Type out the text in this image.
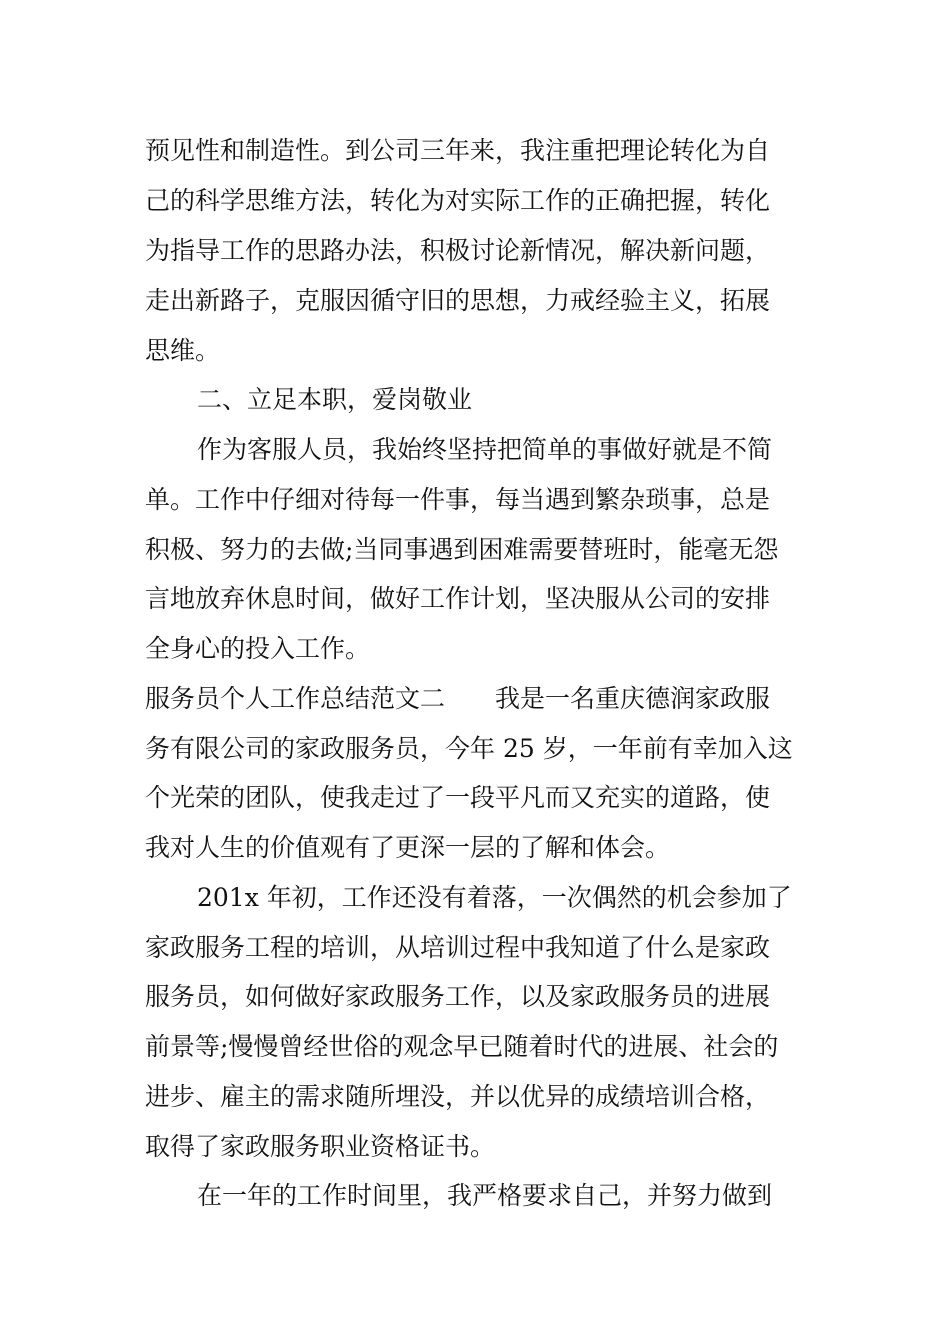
预见性和制造性。到公司三年来，我注重把理论转化为自
己的科学思维方法，转化为对实际工作的正确把握，转化
为指导工作的思路办法，积极讨论新情况，解决新问题，
走出新路子，克服因循守旧的思想，力戒经验主义，拓展
思维。
二、立足本职，爱岗敬业
作为客服人员，我始终坚持把简单的事做好就是不简
单。工作中仔细对待每一件事，每当遇到繁杂琐事，总是
积极、努力的去做;当同事遇到困难需要替班时，能毫无怨
言地放弃休息时间，做好工作计划，坚决服从公司的安排
全身心的投入工作。
服务员个人工作总结范文二　　我是一名重庆德润家政服
务有限公司的家政服务员，今年 25 岁，一年前有幸加入这
个光荣的团队，使我走过了一段平凡而又充实的道路，使
我对人生的价值观有了更深一层的了解和体会。
201x 年初，工作还没有着落，一次偶然的机会参加了
家政服务工程的培训，从培训过程中我知道了什么是家政
服务员，如何做好家政服务工作，以及家政服务员的进展
前景等;慢慢曾经世俗的观念早已随着时代的进展、社会的
进步、雇主的需求随所埋没，并以优异的成绩培训合格，
取得了家政服务职业资格证书。
在一年的工作时间里，我严格要求自己，并努力做到
